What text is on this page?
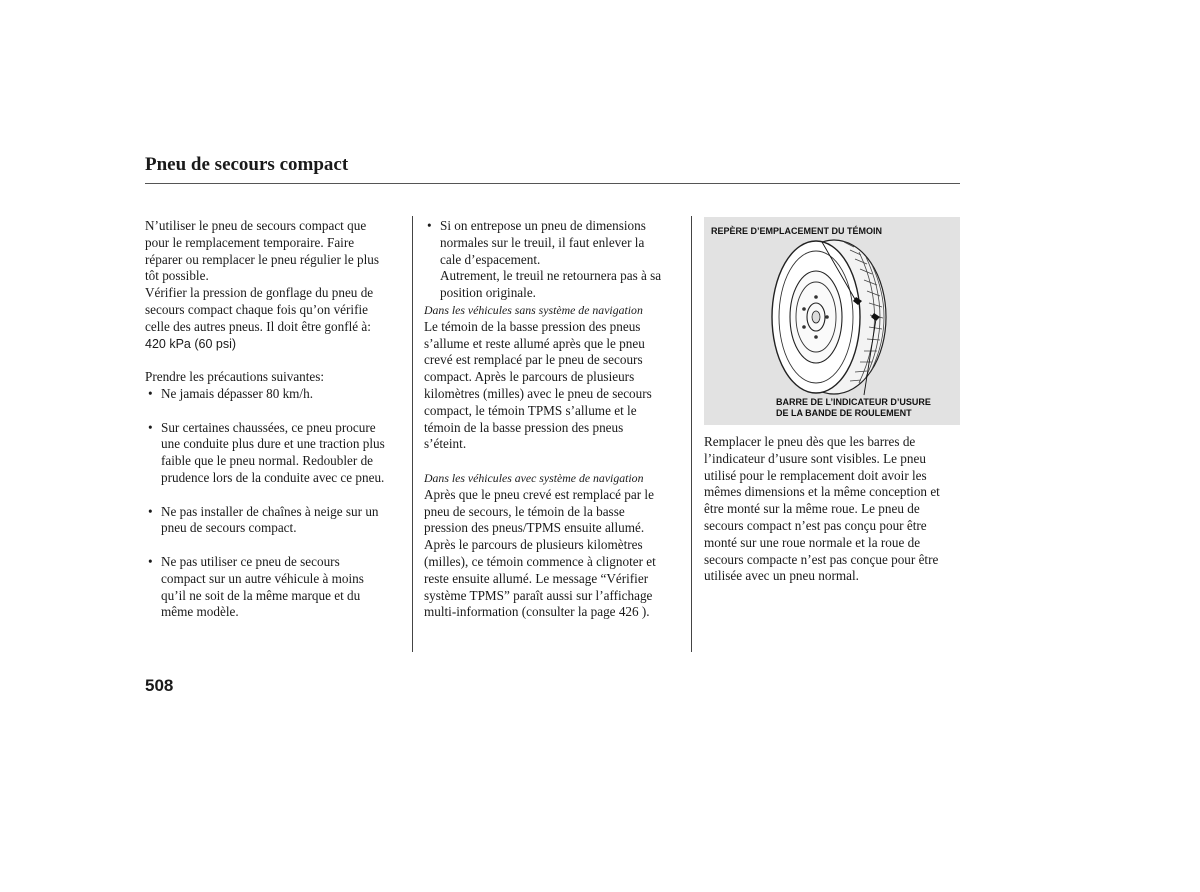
Pneu de secours compact
N’utiliser le pneu de secours compact que
pour le remplacement temporaire. Faire
réparer ou remplacer le pneu régulier le plus
tôt possible.
Vérifier la pression de gonflage du pneu de
secours compact chaque fois qu’on vérifie
celle des autres pneus. Il doit être gonflé à:
420 kPa (60 psi)
Prendre les précautions suivantes:
• Ne jamais dépasser 80 km/h.
• Sur certaines chaussées, ce pneu procure
une conduite plus dure et une traction plus
faible que le pneu normal. Redoubler de
prudence lors de la conduite avec ce pneu.
• Ne pas installer de chaînes à neige sur un
pneu de secours compact.
• Ne pas utiliser ce pneu de secours
compact sur un autre véhicule à moins
qu’il ne soit de la même marque et du
même modèle.
• Si on entrepose un pneu de dimensions
normales sur le treuil, il faut enlever la
cale d’espacement.
Autrement, le treuil ne retournera pas à sa
position originale.
Dans les véhicules sans système de navigation
Le témoin de la basse pression des pneus
s’allume et reste allumé après que le pneu
crevé est remplacé par le pneu de secours
compact. Après le parcours de plusieurs
kilomètres (milles) avec le pneu de secours
compact, le témoin TPMS s’allume et le
témoin de la basse pression des pneus
s’éteint.
Dans les véhicules avec système de navigation
Après que le pneu crevé est remplacé par le
pneu de secours, le témoin de la basse
pression des pneus/TPMS ensuite allumé.
Après le parcours de plusieurs kilomètres
(milles), ce témoin commence à clignoter et
reste ensuite allumé. Le message “Vérifier
système TPMS” paraît aussi sur l’affichage
multi-information (consulter la page 426 ).
REPÈRE D’EMPLACEMENT DU TÉMOIN
BARRE DE L’INDICATEUR D’USURE
DE LA BANDE DE ROULEMENT
Remplacer le pneu dès que les barres de
l’indicateur d’usure sont visibles. Le pneu
utilisé pour le remplacement doit avoir les
mêmes dimensions et la même conception et
être monté sur la même roue. Le pneu de
secours compact n’est pas conçu pour être
monté sur une roue normale et la roue de
secours compacte n’est pas conçue pour être
utilisée avec un pneu normal.
508
